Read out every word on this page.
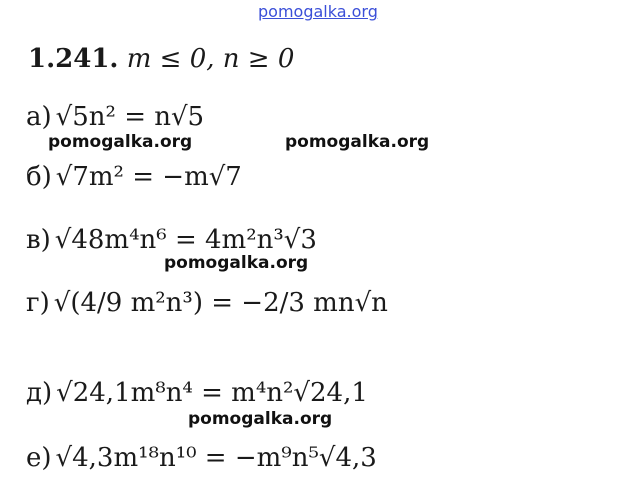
pomogalka.org
1.241. m ≤ 0, n ≥ 0
а) √5n² = n√5
б) √7m² = −m√7
в) √48m⁴n⁶ = 4m²n³√3
г) √(4/9 m²n³) = −2/3 mn√n
д) √24,1m⁸n⁴ = m⁴n²√24,1
е) √4,3m¹⁸n¹⁰ = −m⁹n⁵√4,3
pomogalka.org	pomogalka.org
pomogalka.org
pomogalka.org
